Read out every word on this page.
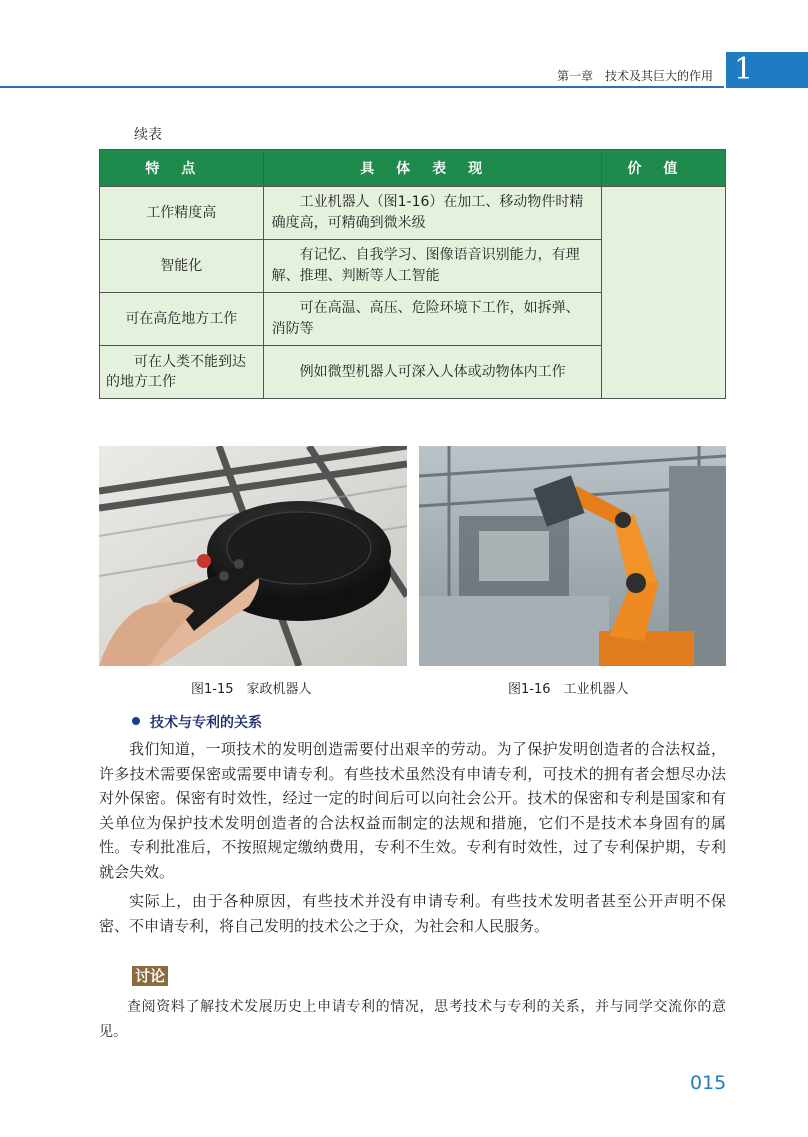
第一章　技术及其巨大的作用 1
续表
特点	具体表现	价值
工作精度高	工业机器人（图1-16）在加工、移动物件时精确度高，可精确到微米级	
智能化	有记忆、自我学习、图像语音识别能力，有理解、推理、判断等人工智能	
可在高危地方工作	可在高温、高压、危险环境下工作，如拆弹、消防等	
可在人类不能到达的地方工作	例如微型机器人可深入人体或动物体内工作	
图1-15　家政机器人	图1-16　工业机器人
技术与专利的关系
我们知道，一项技术的发明创造需要付出艰辛的劳动。为了保护发明创造者的合法权益，许多技术需要保密或需要申请专利。有些技术虽然没有申请专利，可技术的拥有者会想尽办法对外保密。保密有时效性，经过一定的时间后可以向社会公开。技术的保密和专利是国家和有关单位为保护技术发明创造者的合法权益而制定的法规和措施，它们不是技术本身固有的属性。专利批准后，不按照规定缴纳费用，专利不生效。专利有时效性，过了专利保护期，专利就会失效。
实际上，由于各种原因，有些技术并没有申请专利。有些技术发明者甚至公开声明不保密、不申请专利，将自己发明的技术公之于众，为社会和人民服务。
讨论
查阅资料了解技术发展历史上申请专利的情况，思考技术与专利的关系，并与同学交流你的意见。
015
